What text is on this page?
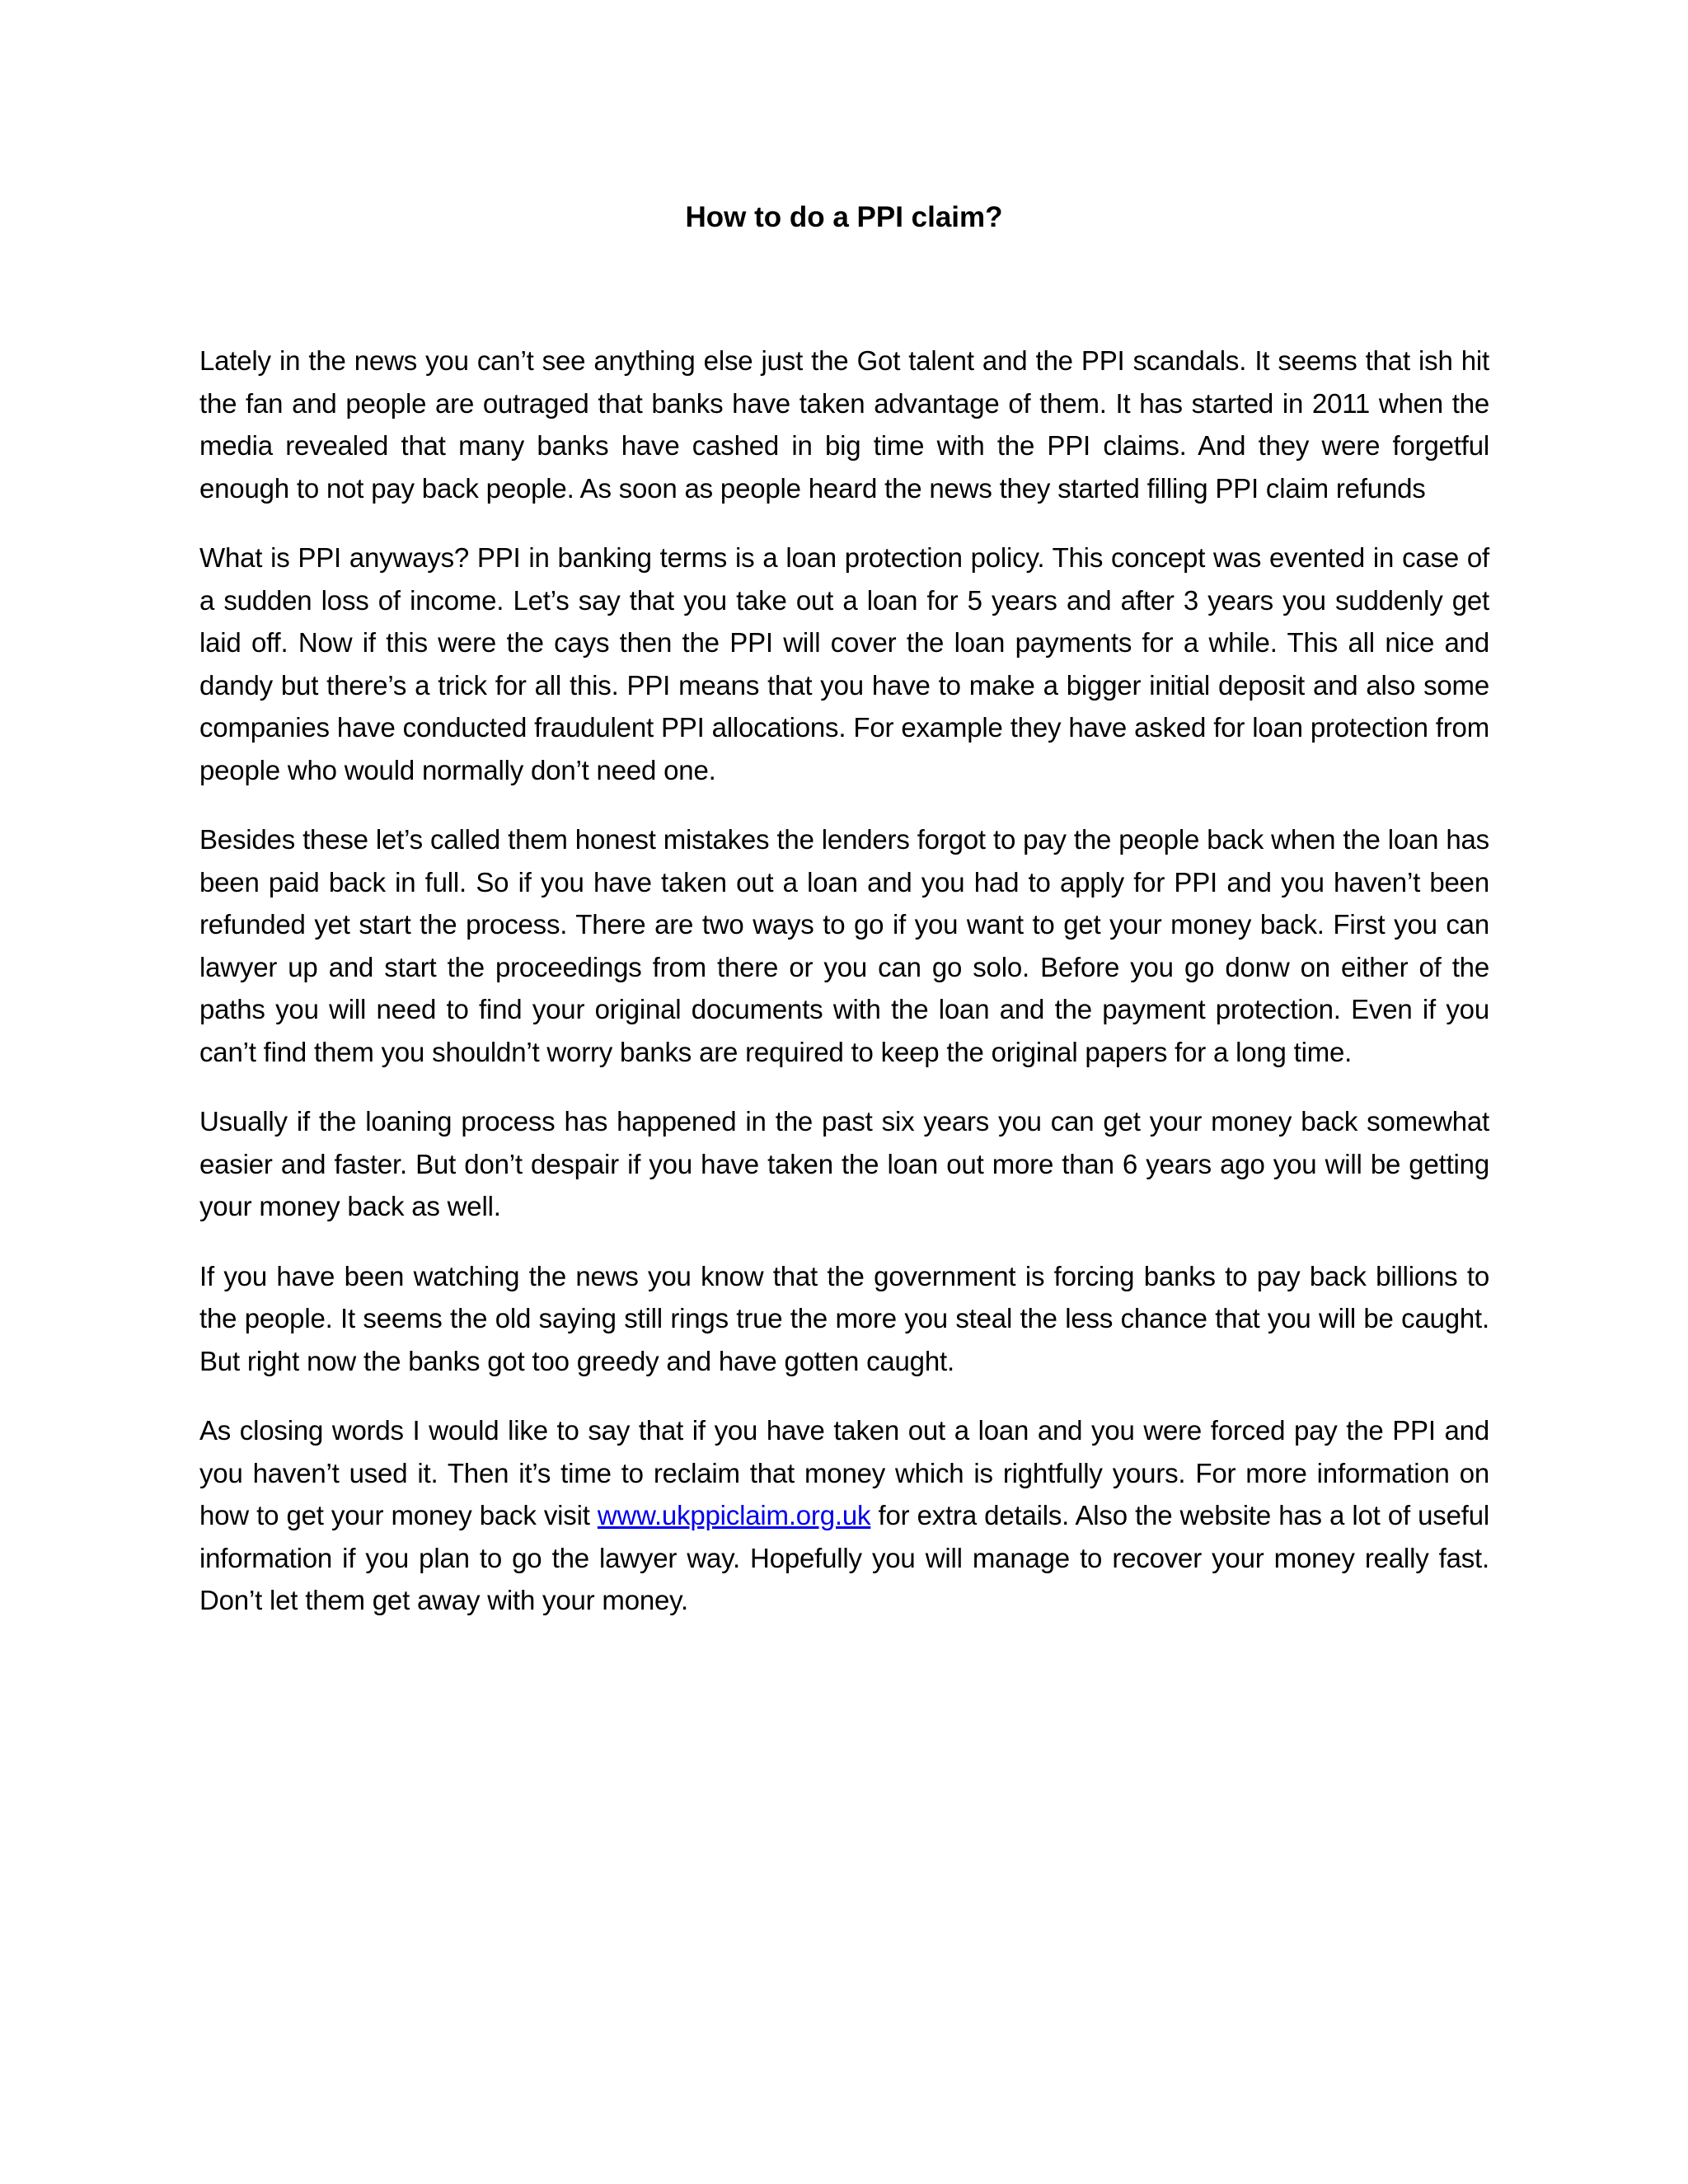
How to do a PPI claim?

Lately in the news you can’t see anything else just the Got talent and the PPI scandals. It seems that ish hit the fan and people are outraged that banks have taken advantage of them. It has started in 2011 when the media revealed that many banks have cashed in big time with the PPI claims. And they were forgetful enough to not pay back people. As soon as people heard the news they started filling PPI claim refunds

What is PPI anyways? PPI in banking terms is a loan protection policy. This concept was evented in case of a sudden loss of income. Let’s say that you take out a loan for 5 years and after 3 years you suddenly get laid off. Now if this were the cays then the PPI will cover the loan payments for a while. This all nice and dandy but there’s a trick for all this. PPI means that you have to make a bigger initial deposit and also some companies have conducted fraudulent PPI allocations. For example they have asked for loan protection from people who would normally don’t need one.

Besides these let’s called them honest mistakes the lenders forgot to pay the people back when the loan has been paid back in full. So if you have taken out a loan and you had to apply for PPI and you haven’t been refunded yet start the process. There are two ways to go if you want to get your money back. First you can lawyer up and start the proceedings from there or you can go solo. Before you go donw on either of the paths you will need to find your original documents with the loan and the payment protection. Even if you can’t find them you shouldn’t worry banks are required to keep the original papers for a long time.

Usually if the loaning process has happened in the past six years you can get your money back somewhat easier and faster. But don’t despair if you have taken the loan out more than 6 years ago you will be getting your money back as well.

If you have been watching the news you know that the government is forcing banks to pay back billions to the people. It seems the old saying still rings true the more you steal the less chance that you will be caught. But right now the banks got too greedy and have gotten caught.

As closing words I would like to say that if you have taken out a loan and you were forced pay the PPI and you haven’t used it. Then it’s time to reclaim that money which is rightfully yours. For more information on how to get your money back visit www.ukppiclaim.org.uk for extra details. Also the website has a lot of useful information if you plan to go the lawyer way. Hopefully you will manage to recover your money really fast. Don’t let them get away with your money.
